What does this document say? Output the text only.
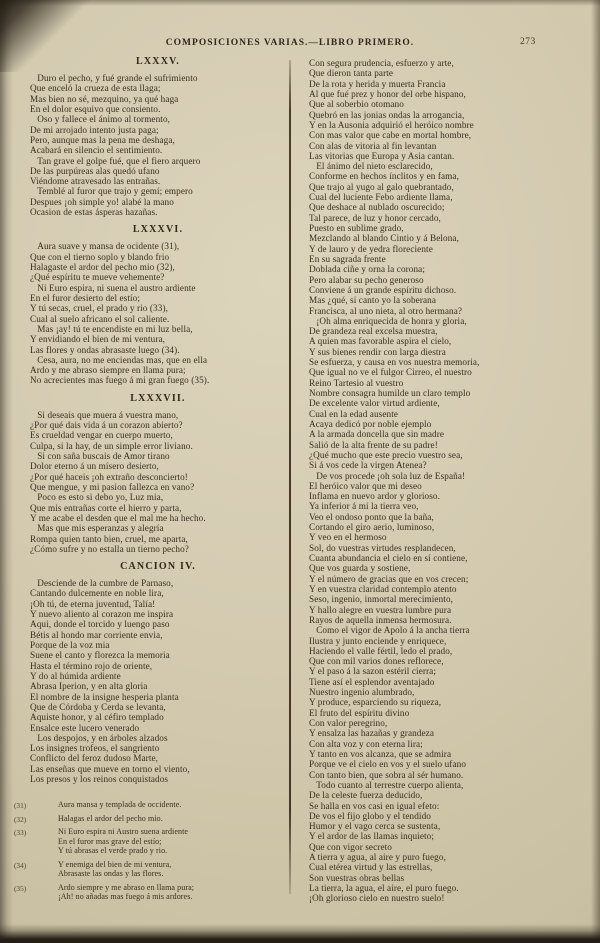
COMPOSICIONES VARIAS.—LIBRO PRIMERO.	273
LXXXV.
Duro el pecho, y fué grande el sufrimiento
Que enceló la crueza de esta llaga;
Mas bien no sé, mezquino, ya qué haga
En el dolor esquivo que consiento.
Oso y fallece el ánimo al tormento,
De mi arrojado intento justa paga;
Pero, aunque mas la pena me deshaga,
Acabará en silencio el sentimiento.
Tan grave el golpe fué, que el fiero arquero
De las purpúreas alas quedó ufano
Viéndome atravesado las entrañas.
Temblé al furor que trajo y gemí; empero
Despues ¡oh simple yo! alabé la mano
Ocasion de estas ásperas hazañas.
LXXXVI.
Aura suave y mansa de ocidente (31),
Que con el tierno soplo y blando frio
Halagaste el ardor del pecho mio (32),
¿Qué espíritu te mueve vehemente?
Ni Euro espira, ni suena el austro ardiente
En el furor desierto del estío;
Y tú secas, cruel, el prado y rio (33),
Cual al suelo africano el sol caliente.
Mas ¡ay! tú te encendiste en mi luz bella,
Y envidiando el bien de mi ventura,
Las flores y ondas abrasaste luego (34).
Cesa, aura, no me enciendas mas, que en ella
Ardo y me abraso siempre en llama pura;
No acrecientes mas fuego á mi gran fuego (35).
LXXXVII.
Si deseais que muera á vuestra mano,
¿Por qué dais vida á un corazon abierto?
Es crueldad vengar en cuerpo muerto,
Culpa, si la hay, de un simple error liviano.
Si con saña buscais de Amor tirano
Dolor eterno á un mísero desierto,
¿Por qué haceis ¡oh extraño desconcierto!
Que mengue, y mi pasion fallezca en vano?
Poco es esto si debo yo, Luz mia,
Que mis entrañas corte el hierro y parta,
Y me acabe el desden que el mal me ha hecho.
Mas que mis esperanzas y alegría
Rompa quien tanto bien, cruel, me aparta,
¿Cómo sufre y no estalla un tierno pecho?
CANCION IV.
Desciende de la cumbre de Parnaso,
Cantando dulcemente en noble lira,
¡Oh tú, de eterna juventud, Talía!
Y nuevo aliento al corazon me inspira
Aqui, donde el torcido y luengo paso
Bétis al hondo mar corriente envia,
Porque de la voz mia
Suene el canto y florezca la memoria
Hasta el término rojo de oriente,
Y do al húmida ardiente
Abrasa Iperion, y en alta gloria
El nombre de la insigne hesperia planta
Que de Córdoba y Cerda se levanta,
Aquiste honor, y al céfiro templado
Ensalce este lucero venerado
Los despojos, y en árboles alzados
Los insignes trofeos, el sangriento
Conflicto del feroz dudoso Marte,
Las enseñas que mueve en torno el viento,
Los presos y los reinos conquistados
(31)	Aura mansa y templada de occidente.
(32)	Halagas el ardor del pecho mio.
(33)	Ni Euro espira ni Austro suena ardiente
En el furor mas grave del estío;
Y tú abrasas el verde prado y rio.
(34)	Y enemiga del bien de mi ventura,
Abrasaste las ondas y las flores.
(35)	Ardo siempre y me abraso en llama pura;
¡Ah! no añadas mas fuego á mis ardores.
Con segura prudencia, esfuerzo y arte,
Que dieron tanta parte
De la rota y herida y muerta Francia
Al que fué prez y honor del orbe hispano,
Que al soberbio otomano
Quebró en las jonias ondas la arrogancia,
Y en la Ausonia adquirió el heróico nombre
Con mas valor que cabe en mortal hombre,
Con alas de vitoria al fin levantan
Las vitorias que Europa y Asia cantan.
El ánimo del nieto esclarecido,
Conforme en hechos ínclitos y en fama,
Que trajo al yugo al galo quebrantado,
Cual del luciente Febo ardiente llama,
Que deshace al nublado oscurecido;
Tal parece, de luz y honor cercado,
Puesto en sublime grado,
Mezclando al blando Cintio y á Belona,
Y de lauro y de yedra floreciente
En su sagrada frente
Doblada ciñe y orna la corona;
Pero alabar su pecho generoso
Conviene á un grande espíritu dichoso.
Mas ¿qué, si canto yo la soberana
Francisca, al uno nieta, al otro hermana?
¡Oh alma enriquecida de honra y gloria,
De grandeza real excelsa muestra,
A quien mas favorable aspira el cielo,
Y sus bienes rendir con larga diestra
Se esfuerza, y causa en vos nuestra memoria,
Que igual no ve el fulgor Cirreo, el nuestro
Reino Tartesio al vuestro
Nombre consagra humilde un claro templo
De excelente valor virtud ardiente,
Cual en la edad ausente
Acaya dedicó por noble ejemplo
A la armada doncella que sin madre
Salió de la alta frente de su padre!
¿Qué mucho que este precio vuestro sea,
Si á vos cede la virgen Atenea?
De vos procede ¡oh sola luz de España!
El heróico valor que mi deseo
Inflama en nuevo ardor y glorioso.
Ya inferior á mí la tierra veo,
Veo el ondoso ponto que la baña,
Cortando el giro aerio, luminoso,
Y veo en el hermoso
Sol, do vuestras virtudes resplandecen,
Cuanta abundancia el cielo en sí contiene,
Que vos guarda y sostiene,
Y el número de gracias que en vos crecen;
Y en vuestra claridad contemplo atento
Seso, ingenio, inmortal merecimiento,
Y hallo alegre en vuestra lumbre pura
Rayos de aquella inmensa hermosura.
Como el vigor de Apolo á la ancha tierra
Ilustra y junto enciende y enriquece,
Haciendo el valle fértil, ledo el prado,
Que con mil varios dones reflorece,
Y el paso á la sazon estéril cierra;
Tiene así el esplendor aventajado
Nuestro ingenio alumbrado,
Y produce, esparciendo su riqueza,
El fruto del espíritu divino
Con valor peregrino,
Y ensalza las hazañas y grandeza
Con alta voz y con eterna lira;
Y tanto en vos alcanza, que se admira
Porque ve el cielo en vos y el suelo ufano
Con tanto bien, que sobra al sér humano.
Todo cuanto al terrestre cuerpo alienta,
De la celeste fuerza deducido,
Se halla en vos casi en igual efeto:
De vos el fijo globo y el tendido
Humor y el vago cerca se sustenta,
Y el ardor de las llamas inquieto;
Que con vigor secreto
A tierra y agua, al aire y puro fuego,
Cual etérea virtud y las estrellas,
Son vuestras obras bellas
La tierra, la agua, el aire, el puro fuego.
¡Oh glorioso cielo en nuestro suelo!
